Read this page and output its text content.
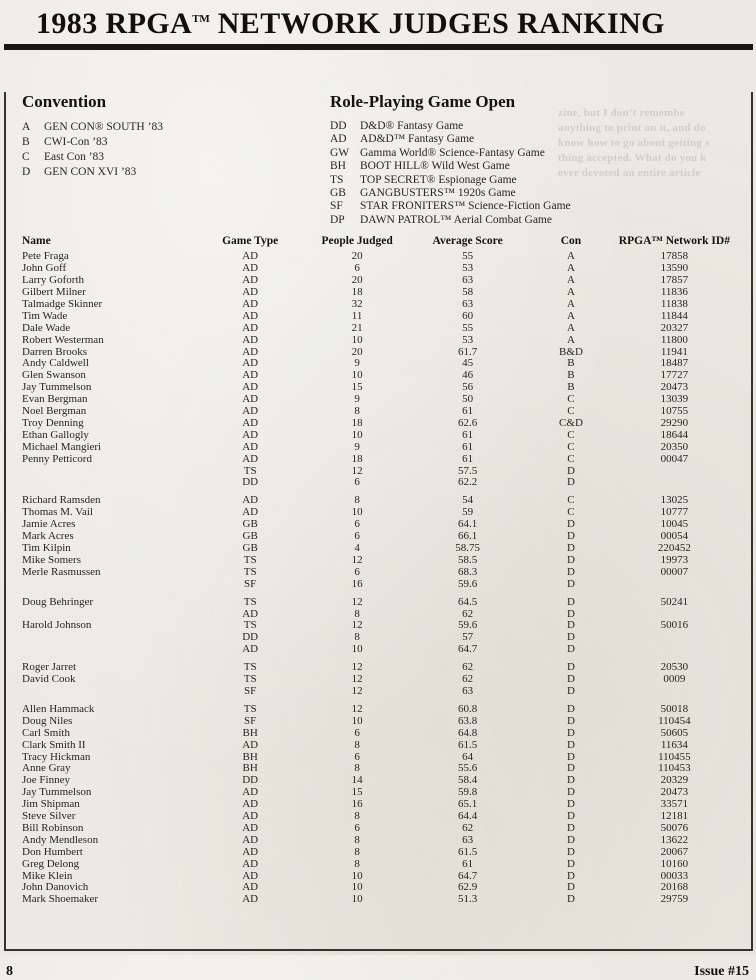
1983 RPGA™ NETWORK JUDGES RANKING
zine, but I don’t remembe
anything to print on it, and do
know how to go about getting s
thing accepted. What do you k
ever devoted an entire article
Convention
A	GEN CON® SOUTH ’83
B	CWI-Con ’83
C	East Con ’83
D	GEN CON XVI ’83
Role-Playing Game Open
DD	D&D® Fantasy Game
AD	AD&D™ Fantasy Game
GW Gamma World® Science-Fantasy Game
BH	BOOT HILL® Wild West Game
TS	TOP SECRET® Espionage Game
GB	GANGBUSTERS™ 1920s Game
SF	STAR FRONITERS™ Science-Fiction Game
DP	DAWN PATROL™ Aerial Combat Game
Name	Game Type	People Judged	Average Score	Con	RPGA™ Network ID#
Pete Fraga	AD	20	55	A	17858
John Goff	AD	6	53	A	13590
Larry Goforth	AD	20	63	A	17857
Gilbert Milner	AD	18	58	A	11836
Talmadge Skinner	AD	32	63	A	11838
Tim Wade	AD	11	60	A	11844
Dale Wade	AD	21	55	A	20327
Robert Westerman	AD	10	53	A	11800
Darren Brooks	AD	20	61.7	B&D	11941
Andy Caldwell	AD	9	45	B	18487
Glen Swanson	AD	10	46	B	17727
Jay Tummelson	AD	15	56	B	20473
Evan Bergman	AD	9	50	C	13039
Noel Bergman	AD	8	61	C	10755
Troy Denning	AD	18	62.6	C&D	29290
Ethan Gallogly	AD	10	61	C	18644
Michael Mangieri	AD	9	61	C	20350
Penny Petticord	AD	18	61	C	00047
	TS	12	57.5	D	
	DD	6	62.2	D	

Richard Ramsden	AD	8	54	C	13025
Thomas M. Vail	AD	10	59	C	10777
Jamie Acres	GB	6	64.1	D	10045
Mark Acres	GB	6	66.1	D	00054
Tim Kilpin	GB	4	58.75	D	220452
Mike Somers	TS	12	58.5	D	19973
Merle Rasmussen	TS	6	68.3	D	00007
	SF	16	59.6	D	

Doug Behringer	TS	12	64.5	D	50241
	AD	8	62	D	
Harold Johnson	TS	12	59.6	D	50016
	DD	8	57	D	
	AD	10	64.7	D	

Roger Jarret	TS	12	62	D	20530
David Cook	TS	12	62	D	0009
	SF	12	63	D	

Allen Hammack	TS	12	60.8	D	50018
Doug Niles	SF	10	63.8	D	110454
Carl Smith	BH	6	64.8	D	50605
Clark Smith II	AD	8	61.5	D	11634
Tracy Hickman	BH	6	64	D	110455
Anne Gray	BH	8	55.6	D	110453
Joe Finney	DD	14	58.4	D	20329
Jay Tummelson	AD	15	59.8	D	20473
Jim Shipman	AD	16	65.1	D	33571
Steve Silver	AD	8	64.4	D	12181
Bill Robinson	AD	6	62	D	50076
Andy Mendleson	AD	8	63	D	13622
Don Humbert	AD	8	61.5	D	20067
Greg Delong	AD	8	61	D	10160
Mike Klein	AD	10	64.7	D	00033
John Danovich	AD	10	62.9	D	20168
Mark Shoemaker	AD	10	51.3	D	29759
8	Issue #15
